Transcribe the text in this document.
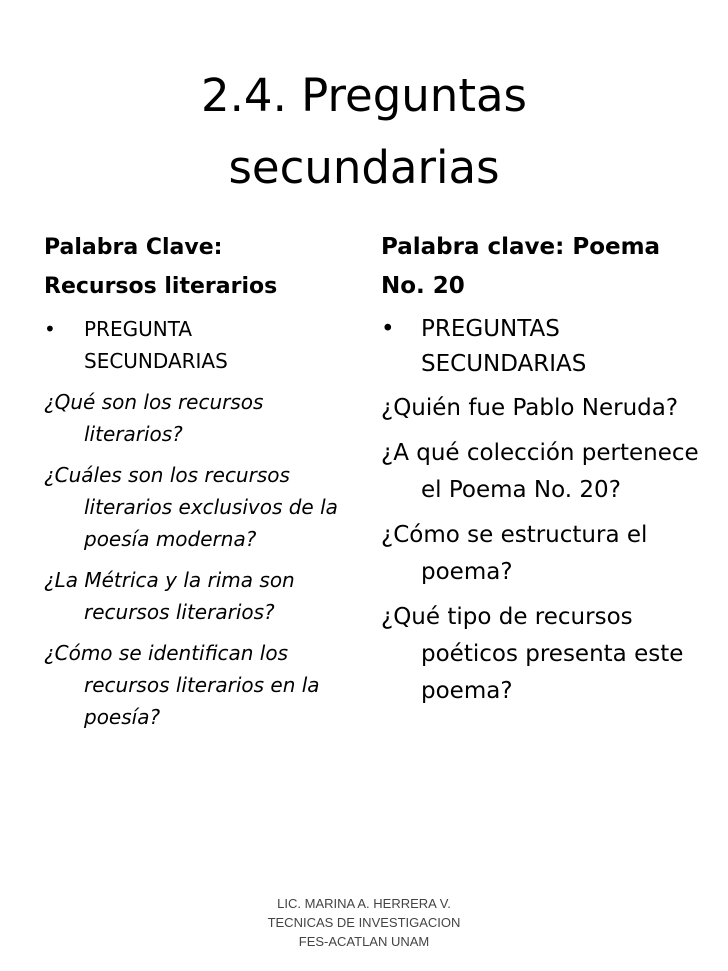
2.4. Preguntas
secundarias

Palabra Clave:
Recursos literarios

• PREGUNTA
SECUNDARIAS

¿Qué son los recursos literarios?

¿Cuáles son los recursos literarios exclusivos de la poesía moderna?

¿La Métrica y la rima son recursos literarios?

¿Cómo se identifican los recursos literarios en la poesía?

Palabra clave: Poema
No. 20

• PREGUNTAS
SECUNDARIAS

¿Quién fue Pablo Neruda?

¿A qué colección pertenece el Poema No. 20?

¿Cómo se estructura el poema?

¿Qué tipo de recursos poéticos presenta este poema?

LIC. MARINA A. HERRERA V.
TECNICAS DE INVESTIGACION
FES-ACATLAN UNAM
